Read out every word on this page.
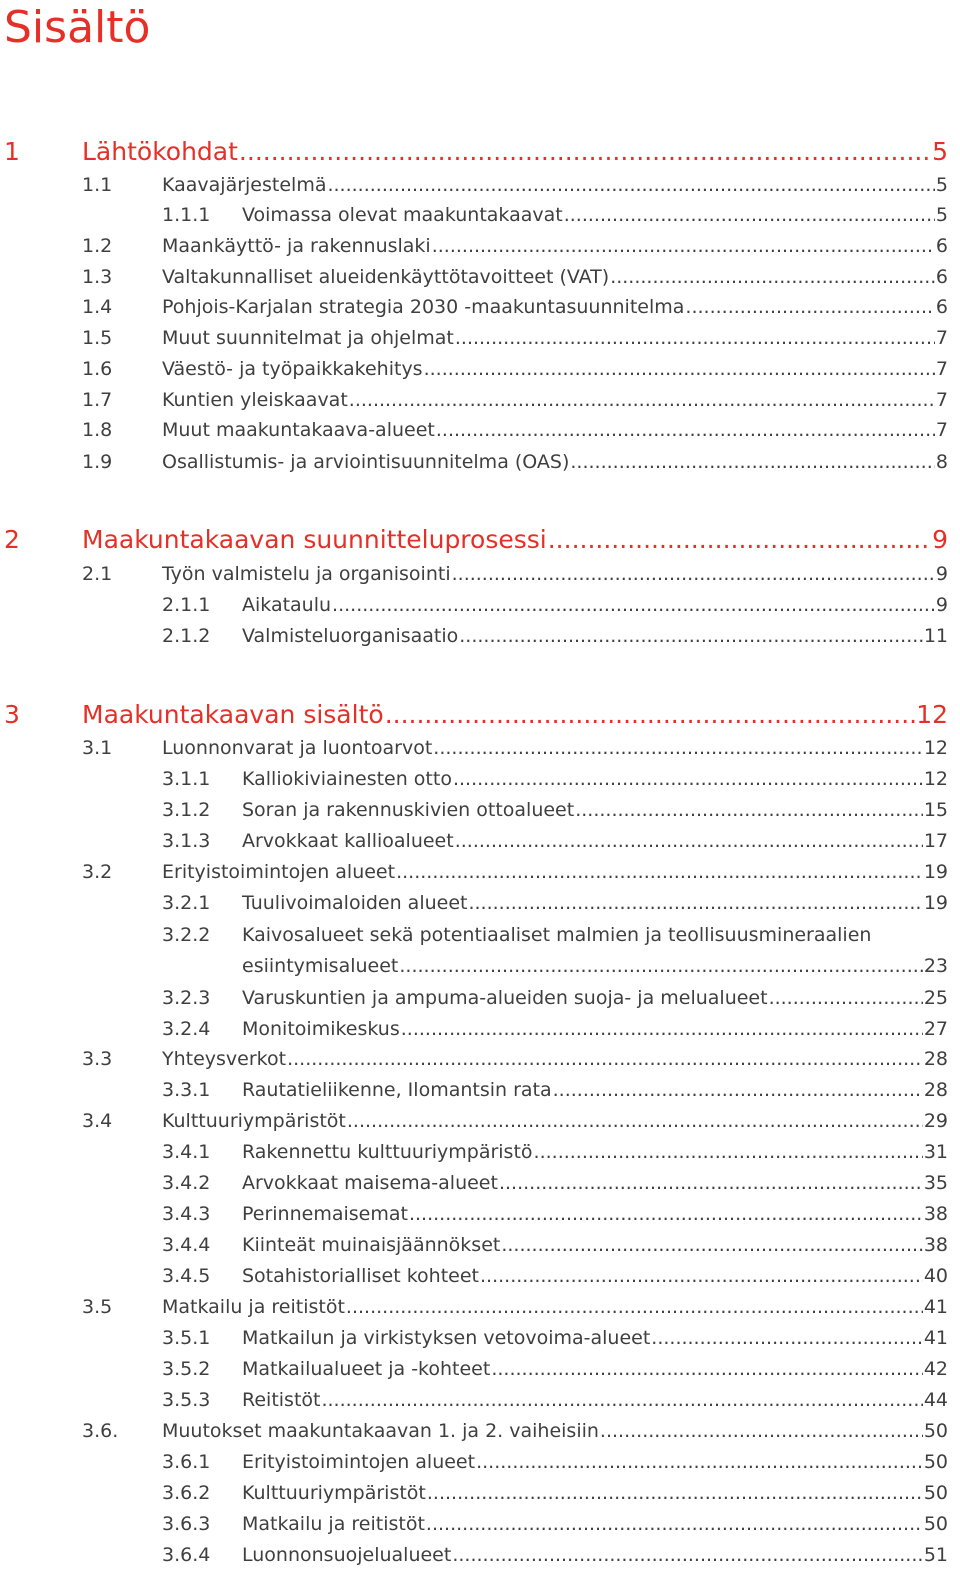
Sisältö
1 Lähtökohdat .....	5
1.1	Kaavajärjestelmä .....	5
1.1.1 Voimassa olevat maakuntakaavat .....	5
1.2	Maankäyttö- ja rakennuslaki .....	6
1.3	Valtakunnalliset alueidenkäyttötavoitteet (VAT) .....	6
1.4	Pohjois-Karjalan strategia 2030 -maakuntasuunnitelma .....	6
1.5	Muut suunnitelmat ja ohjelmat .....	7
1.6	Väestö- ja työpaikkakehitys .....	7
1.7	Kuntien yleiskaavat .....	7
1.8	Muut maakuntakaava-alueet .....	7
1.9	Osallistumis- ja arviointisuunnitelma (OAS) .....	8
2 Maakuntakaavan suunnitteluprosessi .....	9
2.1	Työn valmistelu ja organisointi .....	9
2.1.1 Aikataulu .....	9
2.1.2 Valmisteluorganisaatio .....	11
3 Maakuntakaavan sisältö .....	12
3.1	Luonnonvarat ja luontoarvot .....	12
3.1.1 Kalliokiviainesten otto .....	12
3.1.2 Soran ja rakennuskivien ottoalueet .....	15
3.1.3 Arvokkaat kallioalueet .....	17
3.2	Erityistoimintojen alueet .....	19
3.2.1 Tuulivoimaloiden alueet .....	19
3.2.2 Kaivosalueet sekä potentiaaliset malmien ja teollisuusmineraalien
esiintymisalueet .....	23
3.2.3 Varuskuntien ja ampuma-alueiden suoja- ja melualueet .....	25
3.2.4 Monitoimikeskus .....	27
3.3	Yhteysverkot .....	28
3.3.1 Rautatieliikenne, Ilomantsin rata .....	28
3.4	Kulttuuriympäristöt .....	29
3.4.1 Rakennettu kulttuuriympäristö .....	31
3.4.2 Arvokkaat maisema-alueet .....	35
3.4.3 Perinnemaisemat .....	38
3.4.4 Kiinteät muinaisjäännökset .....	38
3.4.5 Sotahistorialliset kohteet .....	40
3.5	Matkailu ja reitistöt .....	41
3.5.1 Matkailun ja virkistyksen vetovoima-alueet .....	41
3.5.2 Matkailualueet ja -kohteet .....	42
3.5.3 Reitistöt .....	44
3.6. Muutokset maakuntakaavan 1. ja 2. vaiheisiin .....	50
3.6.1 Erityistoimintojen alueet .....	50
3.6.2 Kulttuuriympäristöt .....	50
3.6.3 Matkailu ja reitistöt .....	50
3.6.4 Luonnonsuojelualueet .....	51
